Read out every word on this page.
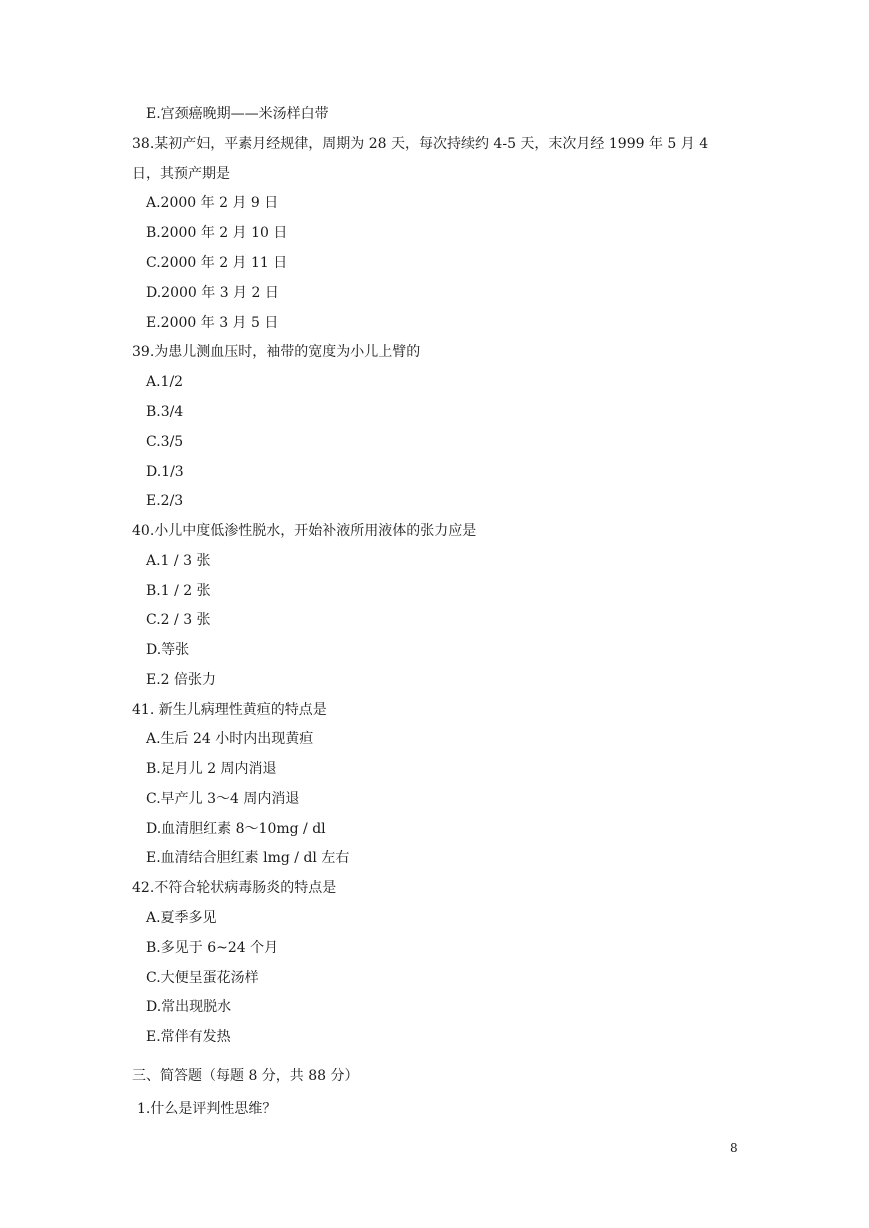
E.宫颈癌晚期——米汤样白带
38.某初产妇，平素月经规律，周期为 28 天，每次持续约 4-5 天，末次月经 1999 年 5 月 4
日，其预产期是
A.2000 年 2 月 9 日
B.2000 年 2 月 10 日
C.2000 年 2 月 11 日
D.2000 年 3 月 2 日
E.2000 年 3 月 5 日
39.为患儿测血压时，袖带的宽度为小儿上臂的
A.1/2
B.3/4
C.3/5
D.1/3
E.2/3
40.小儿中度低渗性脱水，开始补液所用液体的张力应是
A.1 / 3 张
B.1 / 2 张
C.2 / 3 张
D.等张
E.2 倍张力
41. 新生儿病理性黄疸的特点是
A.生后 24 小时内出现黄疸
B.足月儿 2 周内消退
C.早产儿 3～4 周内消退
D.血清胆红素 8～10mg / dl
E.血清结合胆红素 lmg / dl 左右
42.不符合轮状病毒肠炎的特点是
A.夏季多见
B.多见于 6~24 个月
C.大便呈蛋花汤样
D.常出现脱水
E.常伴有发热
三、简答题（每题 8 分，共 88 分）
1.什么是评判性思维？
8
